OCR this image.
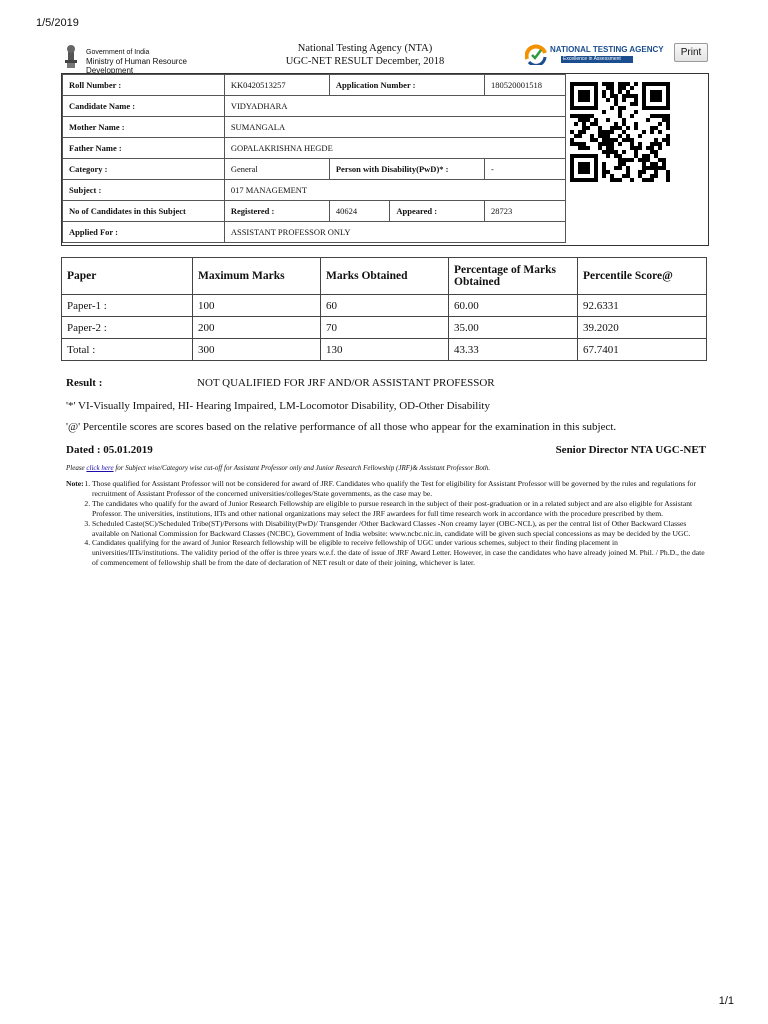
1/5/2019
Government of India
Ministry of Human Resource Development
National Testing Agency (NTA)
UGC-NET RESULT December, 2018
NATIONAL TESTING AGENCY
Excellence in Assessment
Print
Roll Number :	KK0420513257	Application Number :		180520001518
Candidate Name :	VIDYADHARA			
Mother Name :	SUMANGALA			
Father Name :	GOPALAKRISHNA HEGDE			
Category :	General	Person with Disability(PwD)* :		-
Subject :	017 MANAGEMENT			
No of Candidates in this Subject	Registered :	40624	Appeared :	28723
Applied For :	ASSISTANT PROFESSOR ONLY			
Paper	Maximum Marks	Marks Obtained	Percentage of Marks Obtained	Percentile Score@
Paper-1 :	100	60	60.00	92.6331
Paper-2 :	200	70	35.00	39.2020
Total :	300	130	43.33	67.7401
Result :	NOT QUALIFIED FOR JRF AND/OR ASSISTANT PROFESSOR
'*' VI-Visually Impaired, HI- Hearing Impaired, LM-Locomotor Disability, OD-Other Disability
'@' Percentile scores are scores based on the relative performance of all those who appear for the examination in this subject.
Dated : 05.01.2019	Senior Director NTA UGC-NET
Please click here for Subject wise/Category wise cut-off for Assistant Professor only and Junior Research Fellowship (JRF)& Assistant Professor Both.
Note: 1. Those qualified for Assistant Professor will not be considered for award of JRF. Candidates who qualify the Test for eligibility for Assistant Professor will be governed by the rules and regulations for recruitment of Assistant Professor of the concerned universities/colleges/State governments, as the case may be.
2. The candidates who qualify for the award of Junior Research Fellowship are eligible to pursue research in the subject of their post-graduation or in a related subject and are also eligible for Assistant Professor. The universities, institutions, IITs and other national organizations may select the JRF awardees for full time research work in accordance with the procedure prescribed by them.
3. Scheduled Caste(SC)/Scheduled Tribe(ST)/Persons with Disability(PwD)/ Transgender /Other Backward Classes -Non creamy layer (OBC-NCL), as per the central list of Other Backward Classes available on National Commission for Backward Classes (NCBC), Government of India website: www.ncbc.nic.in, candidate will be given such special concessions as may be decided by the UGC.
4. Candidates qualifying for the award of Junior Research fellowship will be eligible to receive fellowship of UGC under various schemes, subject to their finding placement in universities/IITs/institutions. The validity period of the offer is three years w.e.f. the date of issue of JRF Award Letter. However, in case the candidates who have already joined M. Phil. / Ph.D., the date of commencement of fellowship shall be from the date of declaration of NET result or date of their joining, whichever is later.
1/1
